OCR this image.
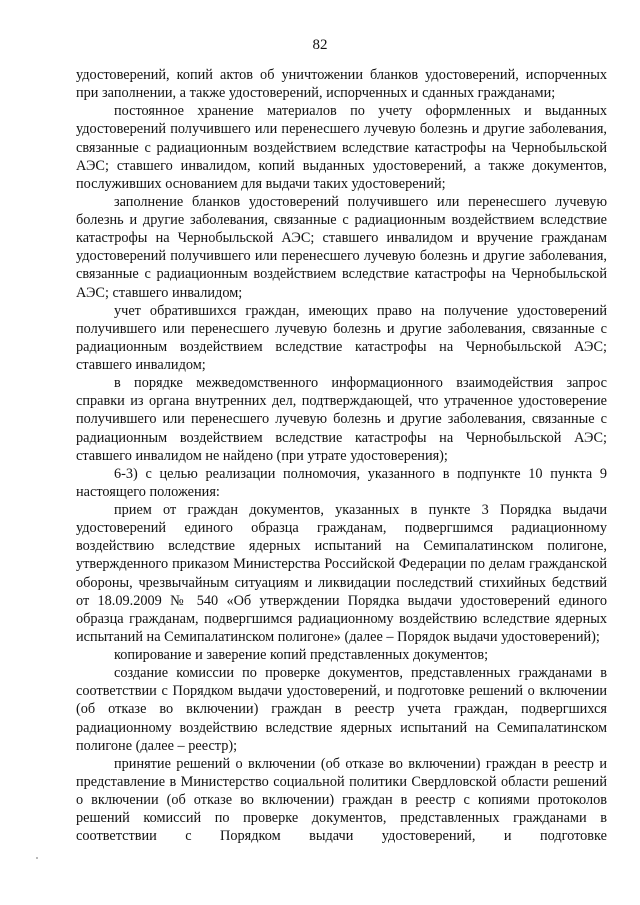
82

удостоверений, копий актов об уничтожении бланков удостоверений, испорченных при заполнении, а также удостоверений, испорченных и сданных гражданами;

постоянное хранение материалов по учету оформленных и выданных удостоверений получившего или перенесшего лучевую болезнь и другие заболевания, связанные с радиационным воздействием вследствие катастрофы на Чернобыльской АЭС; ставшего инвалидом, копий выданных удостоверений, а также документов, послуживших основанием для выдачи таких удостоверений;

заполнение бланков удостоверений получившего или перенесшего лучевую болезнь и другие заболевания, связанные с радиационным воздействием вследствие катастрофы на Чернобыльской АЭС; ставшего инвалидом и вручение гражданам удостоверений получившего или перенесшего лучевую болезнь и другие заболевания, связанные с радиационным воздействием вследствие катастрофы на Чернобыльской АЭС; ставшего инвалидом;

учет обратившихся граждан, имеющих право на получение удостоверений получившего или перенесшего лучевую болезнь и другие заболевания, связанные с радиационным воздействием вследствие катастрофы на Чернобыльской АЭС; ставшего инвалидом;

в порядке межведомственного информационного взаимодействия запрос справки из органа внутренних дел, подтверждающей, что утраченное удостоверение получившего или перенесшего лучевую болезнь и другие заболевания, связанные с радиационным воздействием вследствие катастрофы на Чернобыльской АЭС; ставшего инвалидом не найдено (при утрате удостоверения);

6-3) с целью реализации полномочия, указанного в подпункте 10 пункта 9 настоящего положения:

прием от граждан документов, указанных в пункте 3 Порядка выдачи удостоверений единого образца гражданам, подвергшимся радиационному воздействию вследствие ядерных испытаний на Семипалатинском полигоне, утвержденного приказом Министерства Российской Федерации по делам гражданской обороны, чрезвычайным ситуациям и ликвидации последствий стихийных бедствий от 18.09.2009 № 540 «Об утверждении Порядка выдачи удостоверений единого образца гражданам, подвергшимся радиационному воздействию вследствие ядерных испытаний на Семипалатинском полигоне» (далее – Порядок выдачи удостоверений);

копирование и заверение копий представленных документов;

создание комиссии по проверке документов, представленных гражданами в соответствии с Порядком выдачи удостоверений, и подготовке решений о включении (об отказе во включении) граждан в реестр учета граждан, подвергшихся радиационному воздействию вследствие ядерных испытаний на Семипалатинском полигоне (далее – реестр);

принятие решений о включении (об отказе во включении) граждан в реестр и представление в Министерство социальной политики Свердловской области решений о включении (об отказе во включении) граждан в реестр с копиями протоколов решений комиссий по проверке документов, представленных гражданами в соответствии с Порядком выдачи удостоверений, и подготовке
